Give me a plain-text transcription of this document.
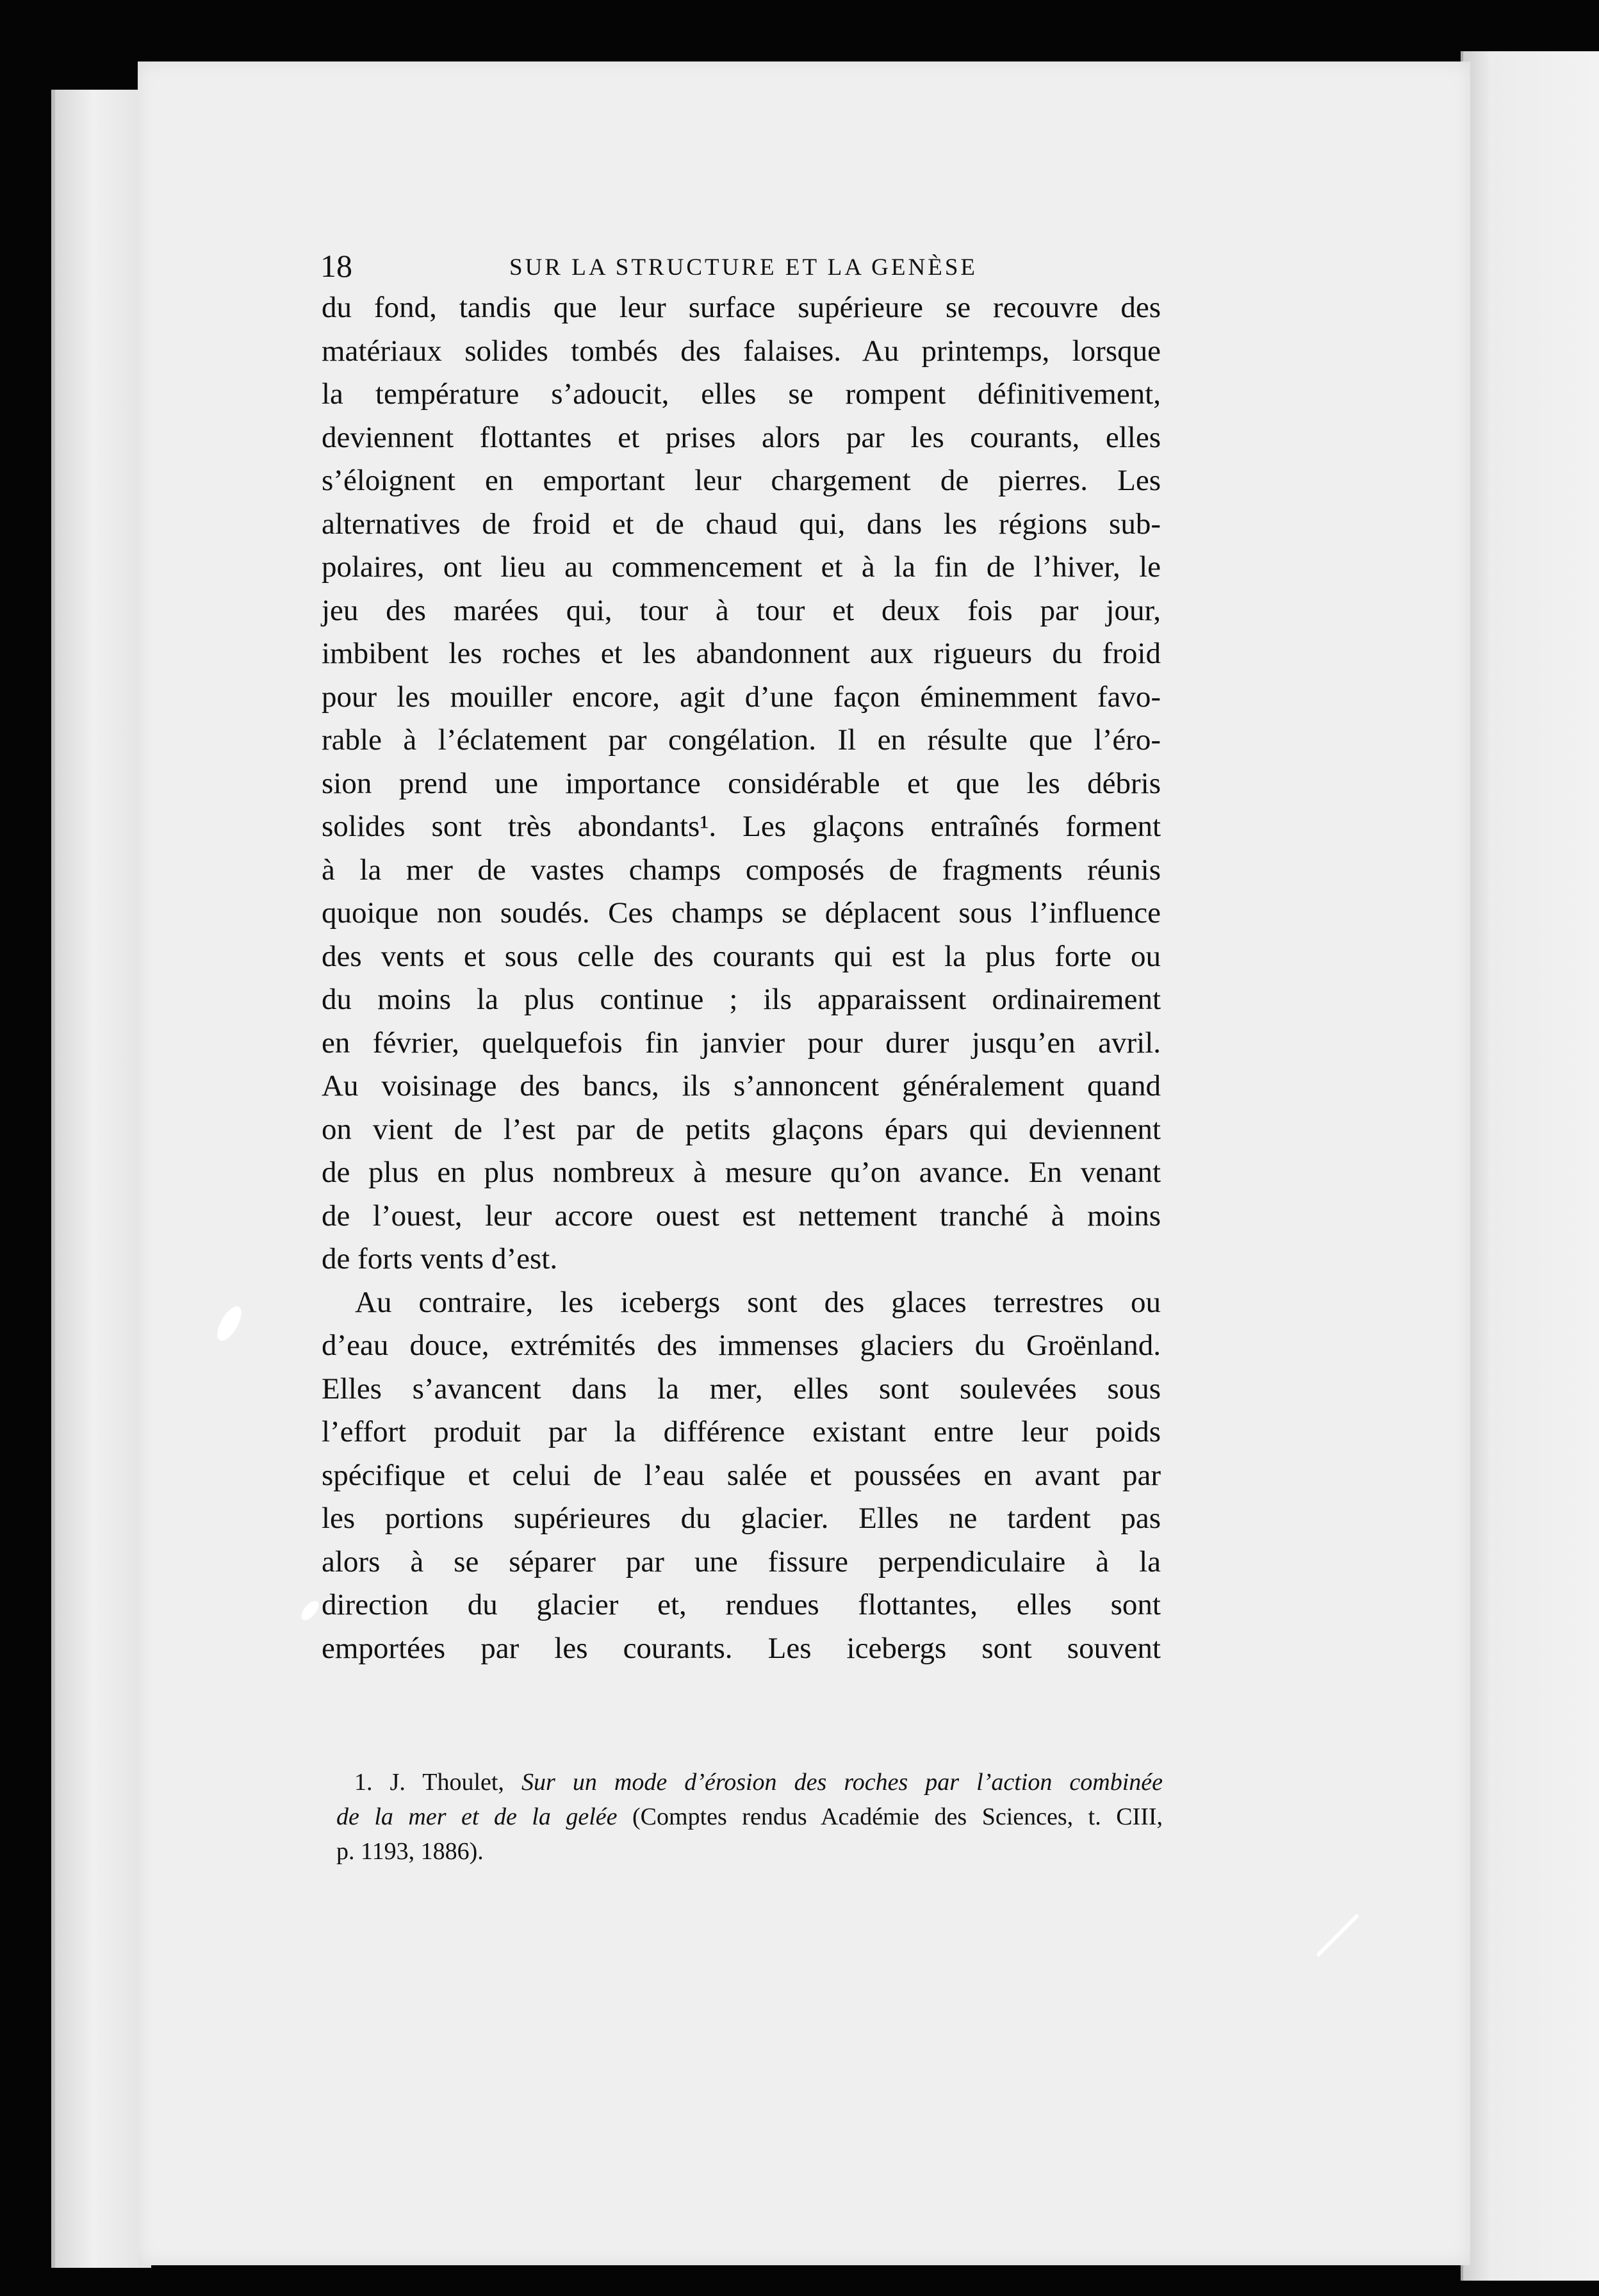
18	SUR LA STRUCTURE ET LA GENÈSE
du fond, tandis que leur surface supérieure se recouvre des
matériaux solides tombés des falaises. Au printemps, lorsque
la température s’adoucit, elles se rompent définitivement,
deviennent flottantes et prises alors par les courants, elles
s’éloignent en emportant leur chargement de pierres. Les
alternatives de froid et de chaud qui, dans les régions sub-
polaires, ont lieu au commencement et à la fin de l’hiver, le
jeu des marées qui, tour à tour et deux fois par jour,
imbibent les roches et les abandonnent aux rigueurs du froid
pour les mouiller encore, agit d’une façon éminemment favo-
rable à l’éclatement par congélation. Il en résulte que l’éro-
sion prend une importance considérable et que les débris
solides sont très abondants¹. Les glaçons entraînés forment
à la mer de vastes champs composés de fragments réunis
quoique non soudés. Ces champs se déplacent sous l’influence
des vents et sous celle des courants qui est la plus forte ou
du moins la plus continue ; ils apparaissent ordinairement
en février, quelquefois fin janvier pour durer jusqu’en avril.
Au voisinage des bancs, ils s’annoncent généralement quand
on vient de l’est par de petits glaçons épars qui deviennent
de plus en plus nombreux à mesure qu’on avance. En venant
de l’ouest, leur accore ouest est nettement tranché à moins
de forts vents d’est.
Au contraire, les icebergs sont des glaces terrestres ou
d’eau douce, extrémités des immenses glaciers du Groënland.
Elles s’avancent dans la mer, elles sont soulevées sous
l’effort produit par la différence existant entre leur poids
spécifique et celui de l’eau salée et poussées en avant par
les portions supérieures du glacier. Elles ne tardent pas
alors à se séparer par une fissure perpendiculaire à la
direction du glacier et, rendues flottantes, elles sont
emportées par les courants. Les icebergs sont souvent
1. J. Thoulet, Sur un mode d’érosion des roches par l’action combinée
de la mer et de la gelée (Comptes rendus Académie des Sciences, t. CIII,
p. 1193, 1886).
